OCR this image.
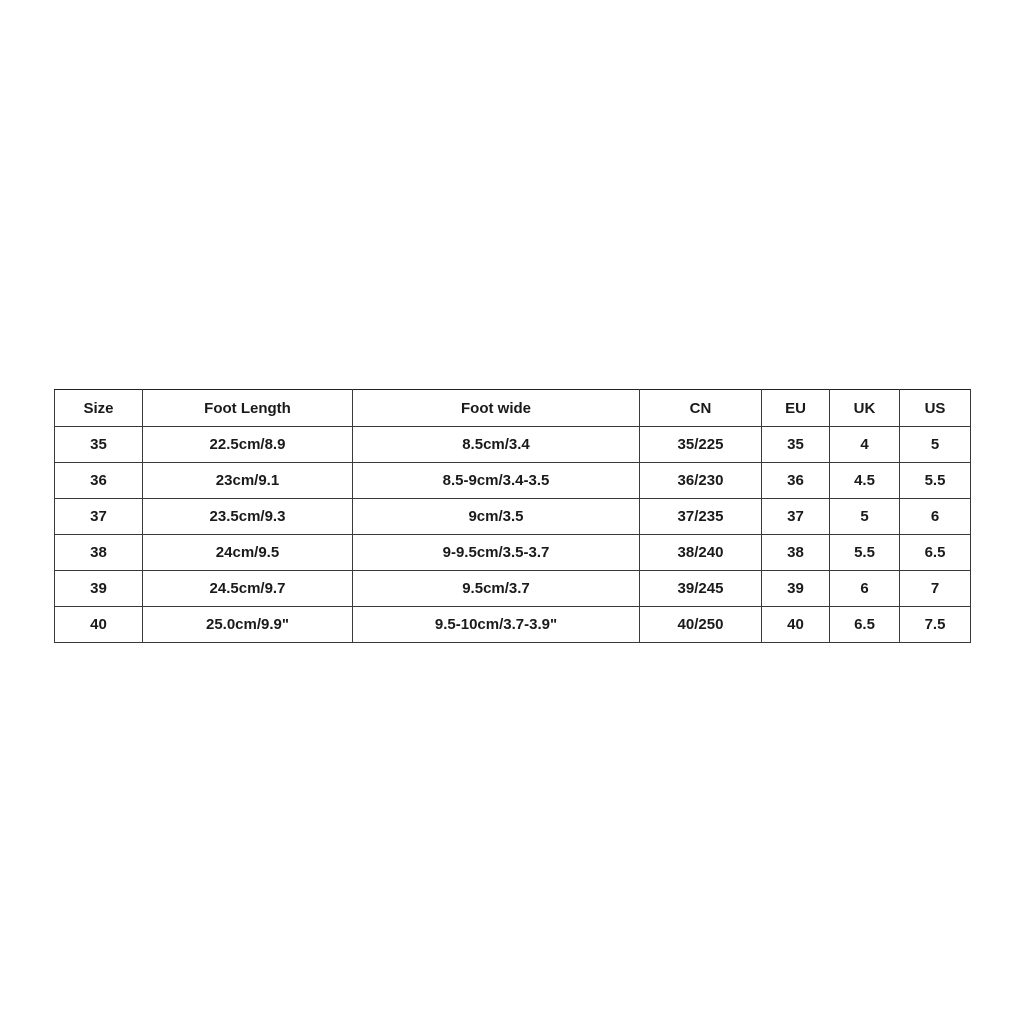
Size	Foot Length	Foot wide	CN	EU	UK	US
35	22.5cm/8.9	8.5cm/3.4	35/225	35	4	5
36	23cm/9.1	8.5-9cm/3.4-3.5	36/230	36	4.5	5.5
37	23.5cm/9.3	9cm/3.5	37/235	37	5	6
38	24cm/9.5	9-9.5cm/3.5-3.7	38/240	38	5.5	6.5
39	24.5cm/9.7	9.5cm/3.7	39/245	39	6	7
40	25.0cm/9.9"	9.5-10cm/3.7-3.9"	40/250	40	6.5	7.5
